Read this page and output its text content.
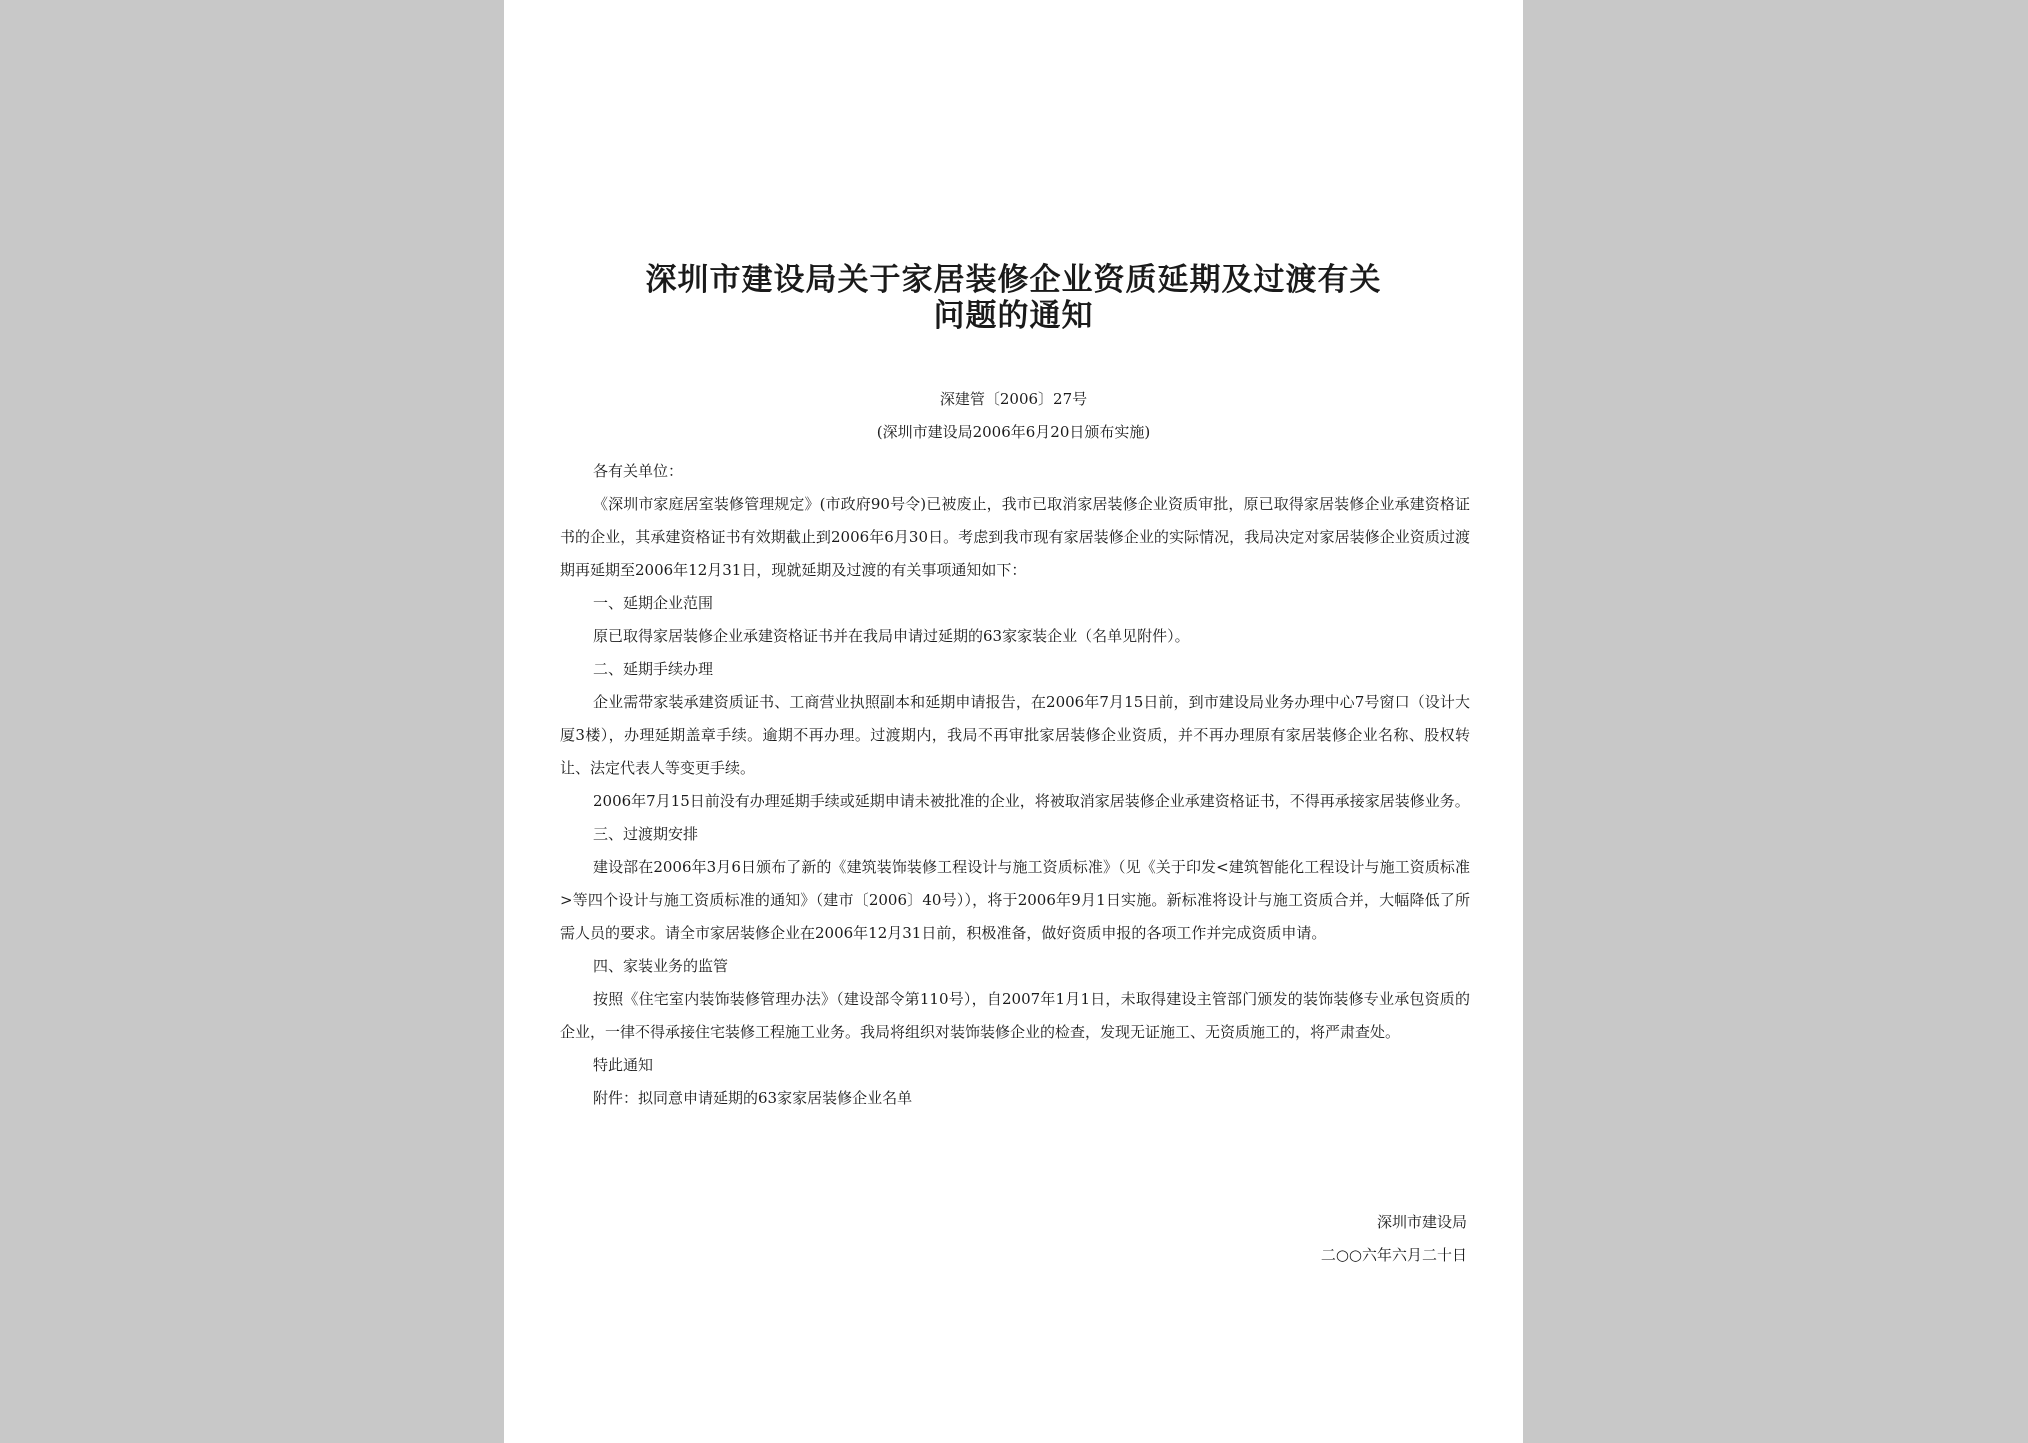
深圳市建设局关于家居装修企业资质延期及过渡有关
问题的通知
深建管〔2006〕27号
(深圳市建设局2006年6月20日颁布实施)

各有关单位：

《深圳市家庭居室装修管理规定》(市政府90号令)已被废止，我市已取消家居装修企业资质审批，原已取得家居装修企业承建资格证书的企业，其承建资格证书有效期截止到2006年6月30日。考虑到我市现有家居装修企业的实际情况，我局决定对家居装修企业资质过渡期再延期至2006年12月31日，现就延期及过渡的有关事项通知如下：

一、延期企业范围

原已取得家居装修企业承建资格证书并在我局申请过延期的63家家装企业（名单见附件）。

二、延期手续办理

企业需带家装承建资质证书、工商营业执照副本和延期申请报告，在2006年7月15日前，到市建设局业务办理中心7号窗口（设计大厦3楼），办理延期盖章手续。逾期不再办理。过渡期内，我局不再审批家居装修企业资质，并不再办理原有家居装修企业名称、股权转让、法定代表人等变更手续。

2006年7月15日前没有办理延期手续或延期申请未被批准的企业，将被取消家居装修企业承建资格证书，不得再承接家居装修业务。

三、过渡期安排

建设部在2006年3月6日颁布了新的《建筑装饰装修工程设计与施工资质标准》（见《关于印发<建筑智能化工程设计与施工资质标准>等四个设计与施工资质标准的通知》（建市〔2006〕40号）），将于2006年9月1日实施。新标准将设计与施工资质合并，大幅降低了所需人员的要求。请全市家居装修企业在2006年12月31日前，积极准备，做好资质申报的各项工作并完成资质申请。

四、家装业务的监管

按照《住宅室内装饰装修管理办法》（建设部令第110号），自2007年1月1日，未取得建设主管部门颁发的装饰装修专业承包资质的企业，一律不得承接住宅装修工程施工业务。我局将组织对装饰装修企业的检查，发现无证施工、无资质施工的，将严肃查处。

特此通知

附件：拟同意申请延期的63家家居装修企业名单

深圳市建设局
二○○六年六月二十日
